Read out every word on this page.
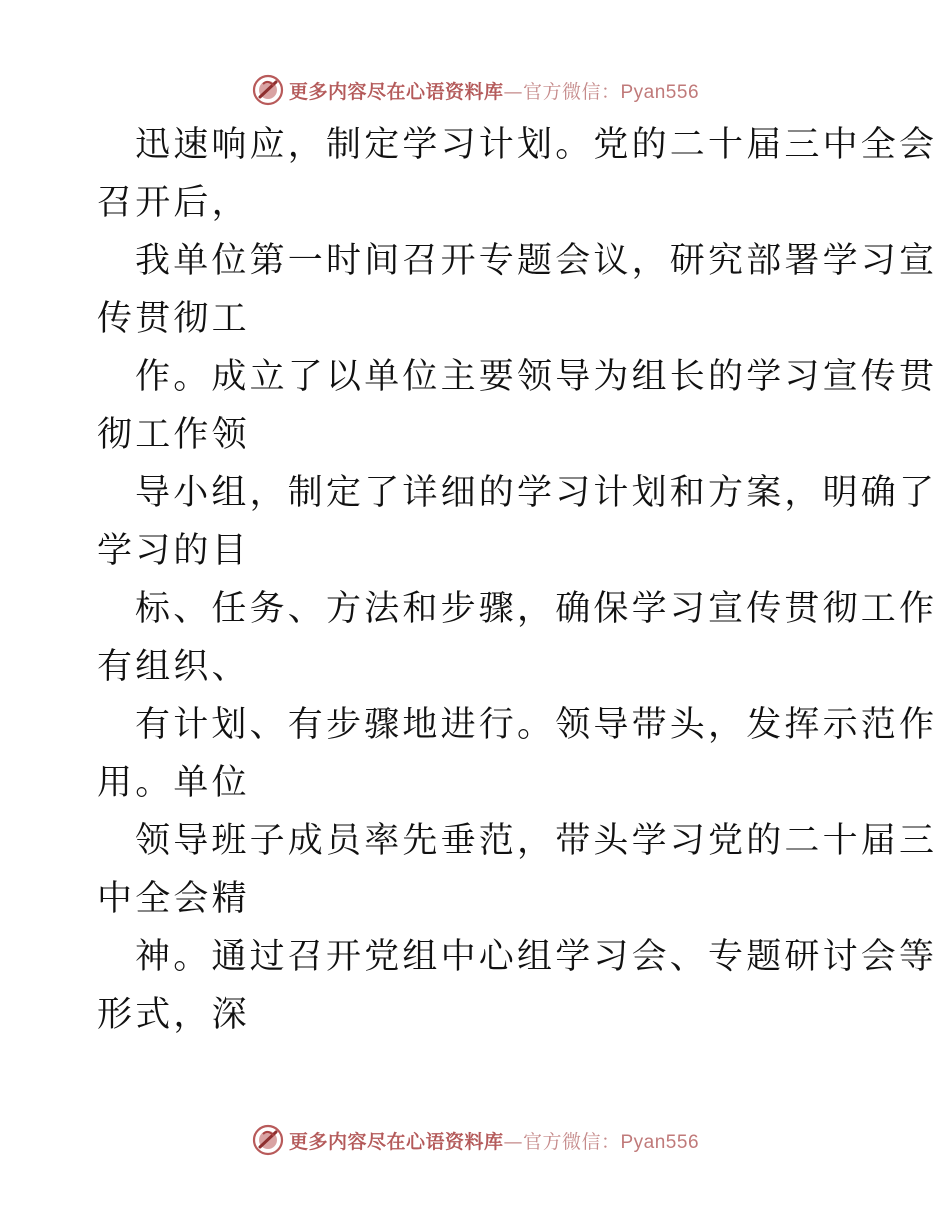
更多内容尽在心语资料库—官方微信：Pyan556
迅速响应，制定学习计划。党的二十届三中全会
召开后，
我单位第一时间召开专题会议，研究部署学习宣
传贯彻工
作。成立了以单位主要领导为组长的学习宣传贯
彻工作领
导小组，制定了详细的学习计划和方案，明确了
学习的目
标、任务、方法和步骤，确保学习宣传贯彻工作
有组织、
有计划、有步骤地进行。领导带头，发挥示范作
用。单位
领导班子成员率先垂范，带头学习党的二十届三
中全会精
神。通过召开党组中心组学习会、专题研讨会等
形式，深
更多内容尽在心语资料库—官方微信：Pyan556
